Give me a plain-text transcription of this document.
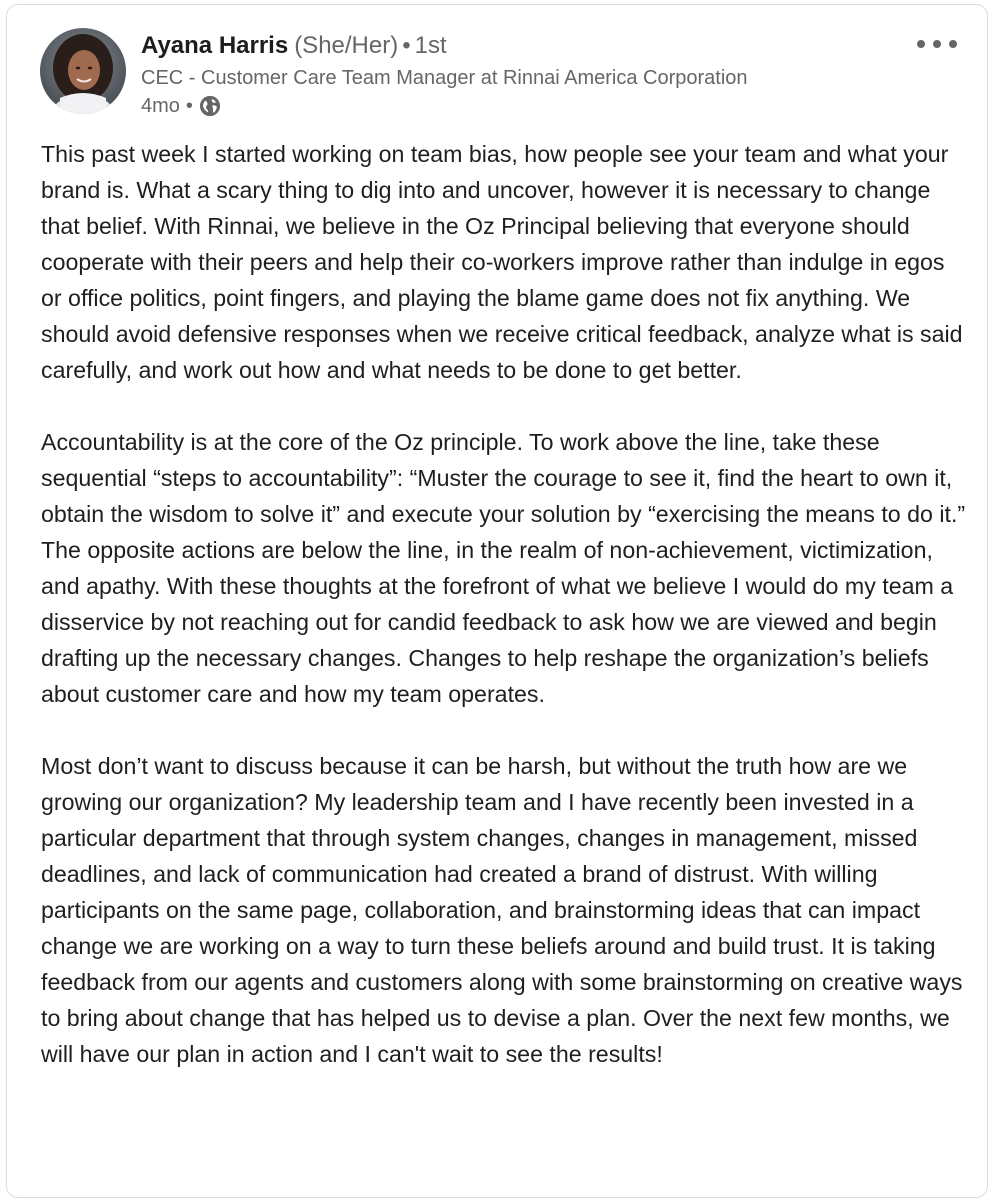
Ayana Harris (She/Her) • 1st
CEC - Customer Care Team Manager at Rinnai America Corporation
4mo •

This past week I started working on team bias, how people see your team and what your brand is. What a scary thing to dig into and uncover, however it is necessary to change that belief. With Rinnai, we believe in the Oz Principal believing that everyone should cooperate with their peers and help their co-workers improve rather than indulge in egos or office politics, point fingers, and playing the blame game does not fix anything. We should avoid defensive responses when we receive critical feedback, analyze what is said carefully, and work out how and what needs to be done to get better.

Accountability is at the core of the Oz principle. To work above the line, take these sequential “steps to accountability”: “Muster the courage to see it, find the heart to own it, obtain the wisdom to solve it” and execute your solution by “exercising the means to do it.” The opposite actions are below the line, in the realm of non-achievement, victimization, and apathy. With these thoughts at the forefront of what we believe I would do my team a disservice by not reaching out for candid feedback to ask how we are viewed and begin drafting up the necessary changes. Changes to help reshape the organization’s beliefs about customer care and how my team operates.

Most don’t want to discuss because it can be harsh, but without the truth how are we growing our organization? My leadership team and I have recently been invested in a particular department that through system changes, changes in management, missed deadlines, and lack of communication had created a brand of distrust. With willing participants on the same page, collaboration, and brainstorming ideas that can impact change we are working on a way to turn these beliefs around and build trust. It is taking feedback from our agents and customers along with some brainstorming on creative ways to bring about change that has helped us to devise a plan. Over the next few months, we will have our plan in action and I can't wait to see the results!
